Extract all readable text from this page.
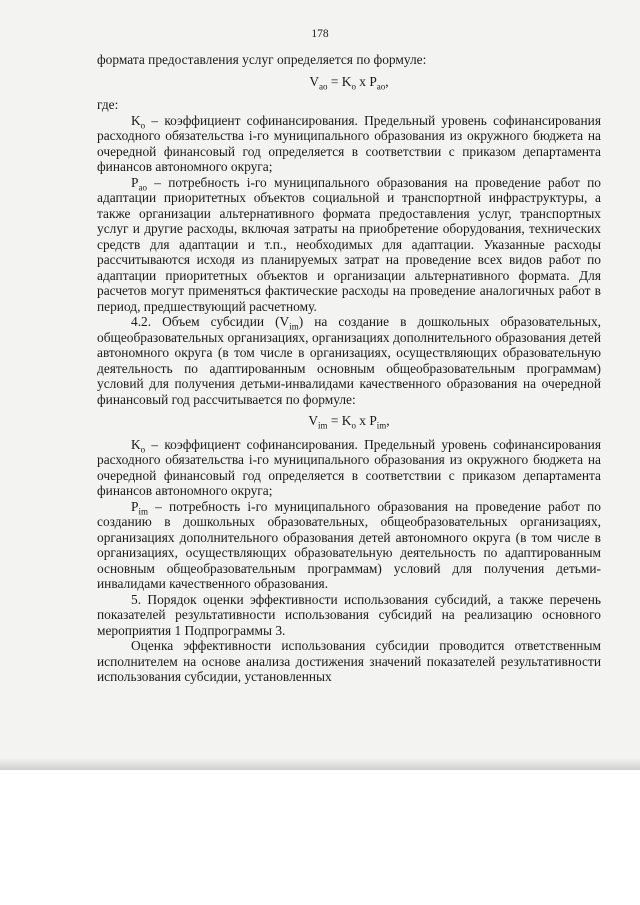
178

формата предоставления услуг определяется по формуле:

$V_{ao} = K_o$ x $P_{ao}$,

где:

$K_o$ – коэффициент софинансирования. Предельный уровень софинансирования расходного обязательства i-го муниципального образования из окружного бюджета на очередной финансовый год определяется в соответствии с приказом департамента финансов автономного округа;

$P_{ao}$ – потребность i-го муниципального образования на проведение работ по адаптации приоритетных объектов социальной и транспортной инфраструктуры, а также организации альтернативного формата предоставления услуг, транспортных услуг и другие расходы, включая затраты на приобретение оборудования, технических средств для адаптации и т.п., необходимых для адаптации. Указанные расходы рассчитываются исходя из планируемых затрат на проведение всех видов работ по адаптации приоритетных объектов и организации альтернативного формата. Для расчетов могут применяться фактические расходы на проведение аналогичных работ в период, предшествующий расчетному.

4.2. Объем субсидии $(V_{im})$ на создание в дошкольных образовательных, общеобразовательных организациях, организациях дополнительного образования детей автономного округа (в том числе в организациях, осуществляющих образовательную деятельность по адаптированным основным общеобразовательным программам) условий для получения детьми-инвалидами качественного образования на очередной финансовый год рассчитывается по формуле:

$V_{im} = K_o$ x $P_{im}$,

$K_o$ – коэффициент софинансирования. Предельный уровень софинансирования расходного обязательства i-го муниципального образования из окружного бюджета на очередной финансовый год определяется в соответствии с приказом департамента финансов автономного округа;

$P_{im}$ – потребность i-го муниципального образования на проведение работ по созданию в дошкольных образовательных, общеобразовательных организациях, организациях дополнительного образования детей автономного округа (в том числе в организациях, осуществляющих образовательную деятельность по адаптированным основным общеобразовательным программам) условий для получения детьми-инвалидами качественного образования.

5. Порядок оценки эффективности использования субсидий, а также перечень показателей результативности использования субсидий на реализацию основного мероприятия 1 Подпрограммы 3.

Оценка эффективности использования субсидии проводится ответственным исполнителем на основе анализа достижения значений показателей результативности использования субсидии, установленных
